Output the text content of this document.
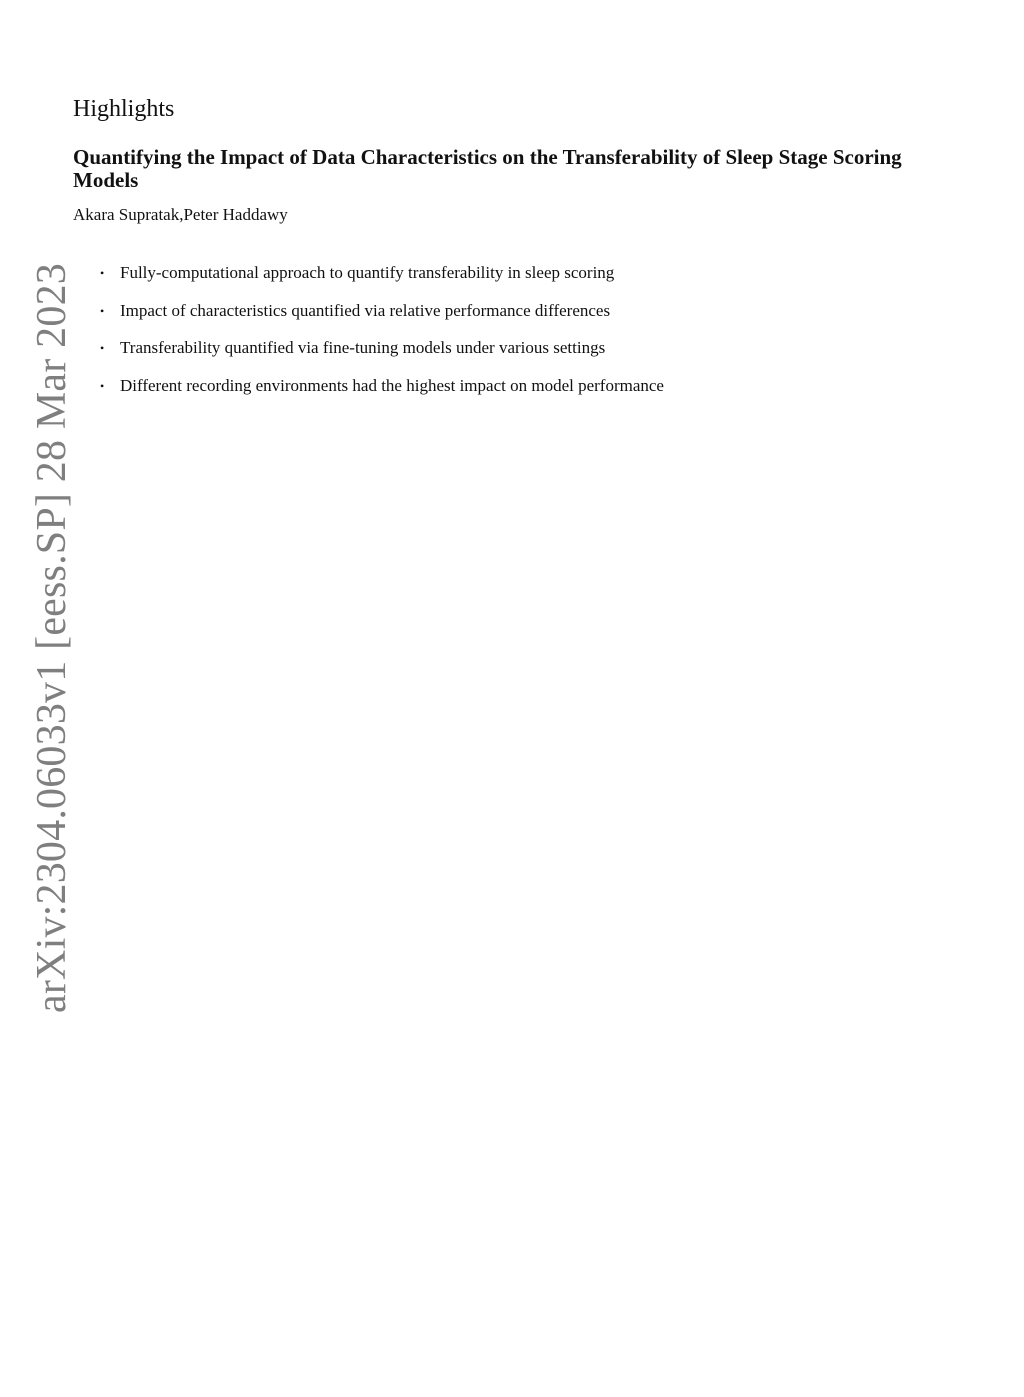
arXiv:2304.06033v1 [eess.SP] 28 Mar 2023
Highlights
Quantifying the Impact of Data Characteristics on the Transferability of Sleep Stage Scoring Models

Akara Supratak,Peter Haddawy

• Fully-computational approach to quantify transferability in sleep scoring
• Impact of characteristics quantified via relative performance differences
• Transferability quantified via fine-tuning models under various settings
• Different recording environments had the highest impact on model performance
